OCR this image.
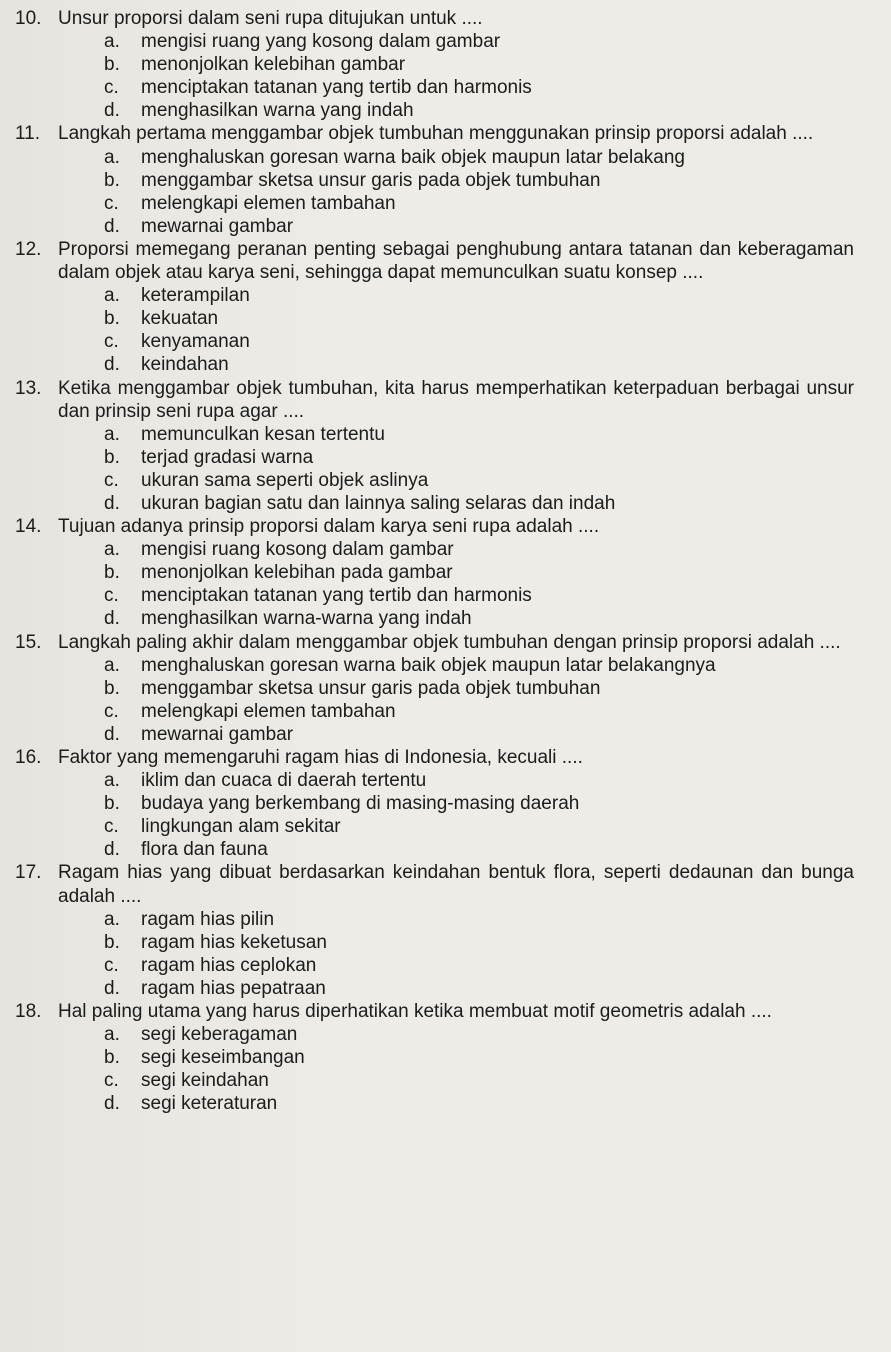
10. Unsur proporsi dalam seni rupa ditujukan untuk ....
a.	mengisi ruang yang kosong dalam gambar
b.	menonjolkan kelebihan gambar
c.	menciptakan tatanan yang tertib dan harmonis
d.	menghasilkan warna yang indah
11. Langkah pertama menggambar objek tumbuhan menggunakan prinsip proporsi adalah ....
a.	menghaluskan goresan warna baik objek maupun latar belakang
b.	menggambar sketsa unsur garis pada objek tumbuhan
c.	melengkapi elemen tambahan
d.	mewarnai gambar
12. Proporsi memegang peranan penting sebagai penghubung antara tatanan dan keberagaman dalam objek atau karya seni, sehingga dapat memunculkan suatu konsep ....
a.	keterampilan
b.	kekuatan
c.	kenyamanan
d.	keindahan
13. Ketika menggambar objek tumbuhan, kita harus memperhatikan keterpaduan berbagai unsur dan prinsip seni rupa agar ....
a.	memunculkan kesan tertentu
b.	terjad gradasi warna
c.	ukuran sama seperti objek aslinya
d.	ukuran bagian satu dan lainnya saling selaras dan indah
14. Tujuan adanya prinsip proporsi dalam karya seni rupa adalah ....
a.	mengisi ruang kosong dalam gambar
b.	menonjolkan kelebihan pada gambar
c.	menciptakan tatanan yang tertib dan harmonis
d.	menghasilkan warna-warna yang indah
15. Langkah paling akhir dalam menggambar objek tumbuhan dengan prinsip proporsi adalah ....
a.	menghaluskan goresan warna baik objek maupun latar belakangnya
b.	menggambar sketsa unsur garis pada objek tumbuhan
c.	melengkapi elemen tambahan
d.	mewarnai gambar
16. Faktor yang memengaruhi ragam hias di Indonesia, kecuali ....
a.	iklim dan cuaca di daerah tertentu
b.	budaya yang berkembang di masing-masing daerah
c.	lingkungan alam sekitar
d.	flora dan fauna
17. Ragam hias yang dibuat berdasarkan keindahan bentuk flora, seperti dedaunan dan bunga adalah ....
a.	ragam hias pilin
b.	ragam hias keketusan
c.	ragam hias ceplokan
d.	ragam hias pepatraan
18. Hal paling utama yang harus diperhatikan ketika membuat motif geometris adalah ....
a.	segi keberagaman
b.	segi keseimbangan
c.	segi keindahan
d.	segi keteraturan
